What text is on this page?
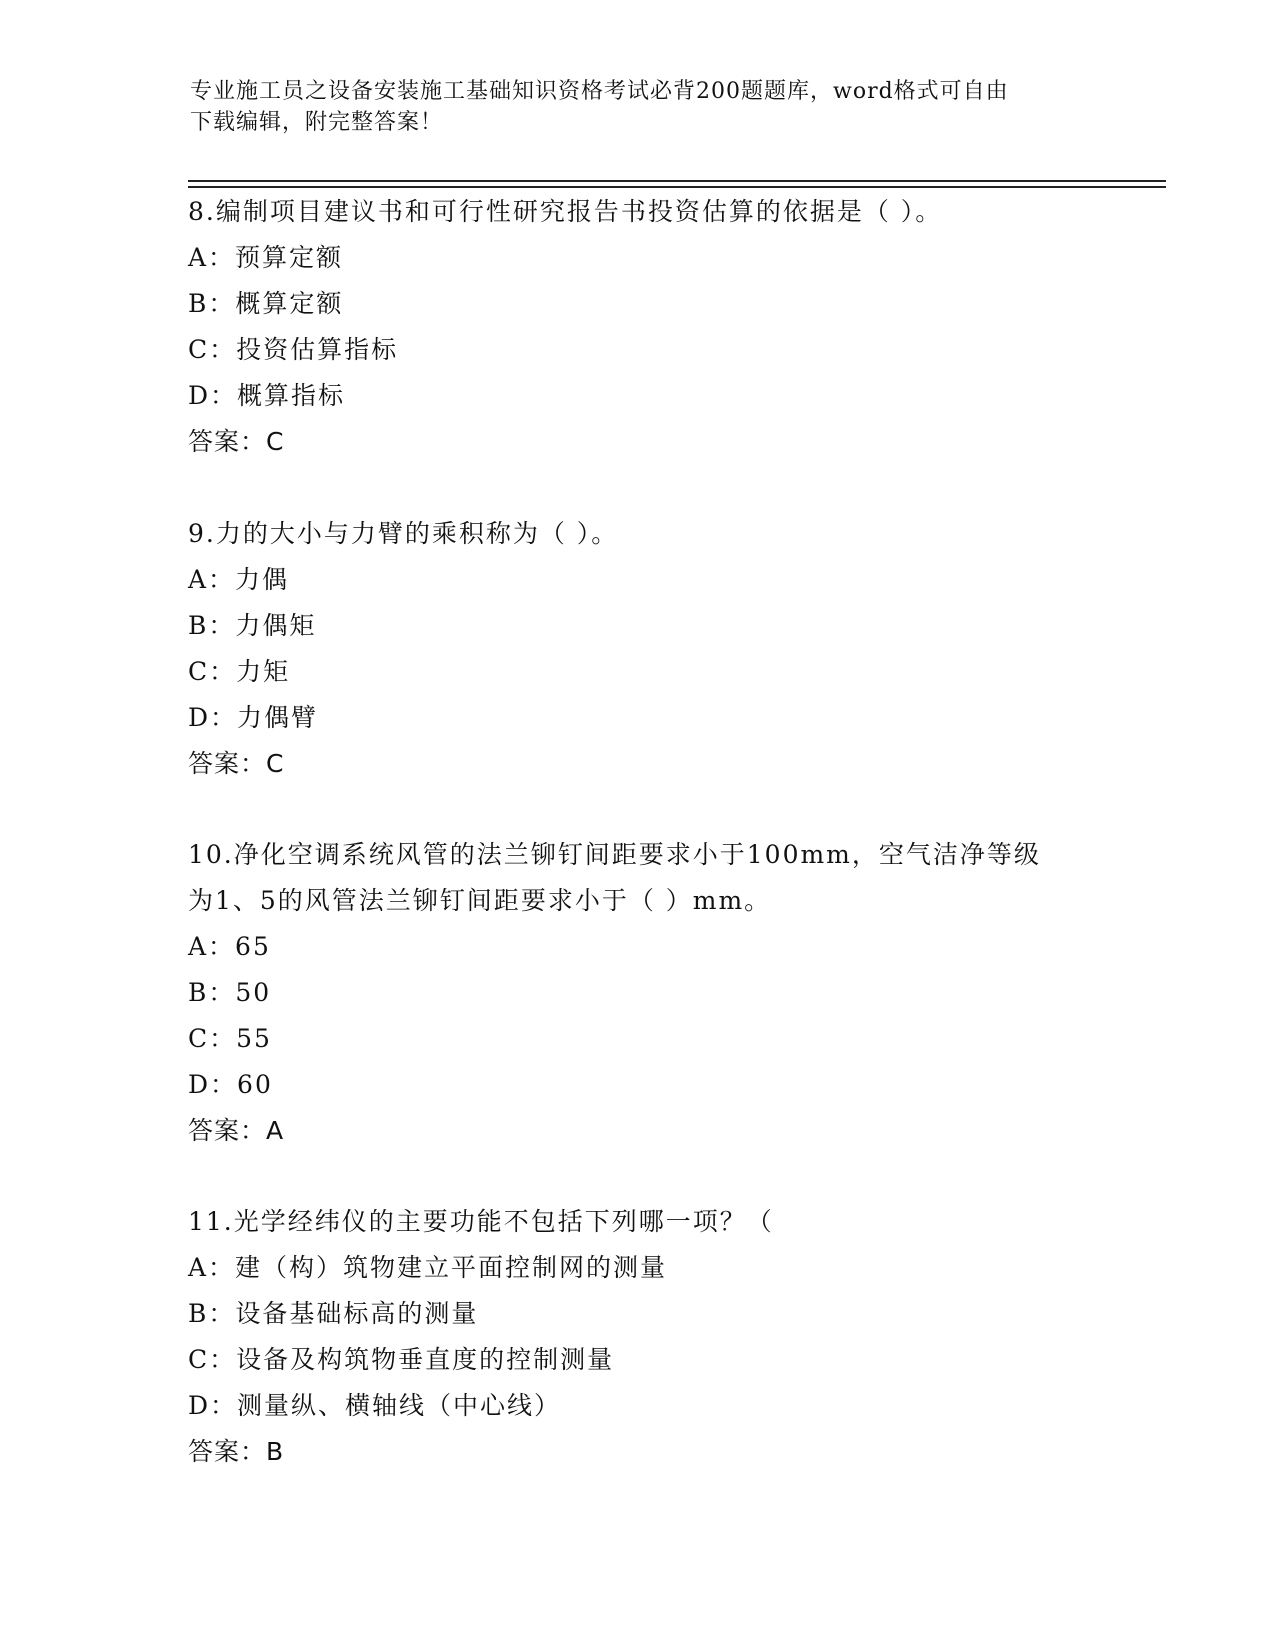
专业施工员之设备安装施工基础知识资格考试必背200题题库，word格式可自由
下载编辑，附完整答案！

8.编制项目建议书和可行性研究报告书投资估算的依据是（ ）。

A：预算定额

B：概算定额

C：投资估算指标

D：概算指标

答案：C

9.力的大小与力臂的乘积称为（ ）。

A：力偶

B：力偶矩

C：力矩

D：力偶臂

答案：C

10.净化空调系统风管的法兰铆钉间距要求小于100mm，空气洁净等级

为1、5的风管法兰铆钉间距要求小于（ ）mm。

A：65

B：50

C：55

D：60

答案：A

11.光学经纬仪的主要功能不包括下列哪一项？（

A：建（构）筑物建立平面控制网的测量

B：设备基础标高的测量

C：设备及构筑物垂直度的控制测量

D：测量纵、横轴线（中心线）

答案：B
